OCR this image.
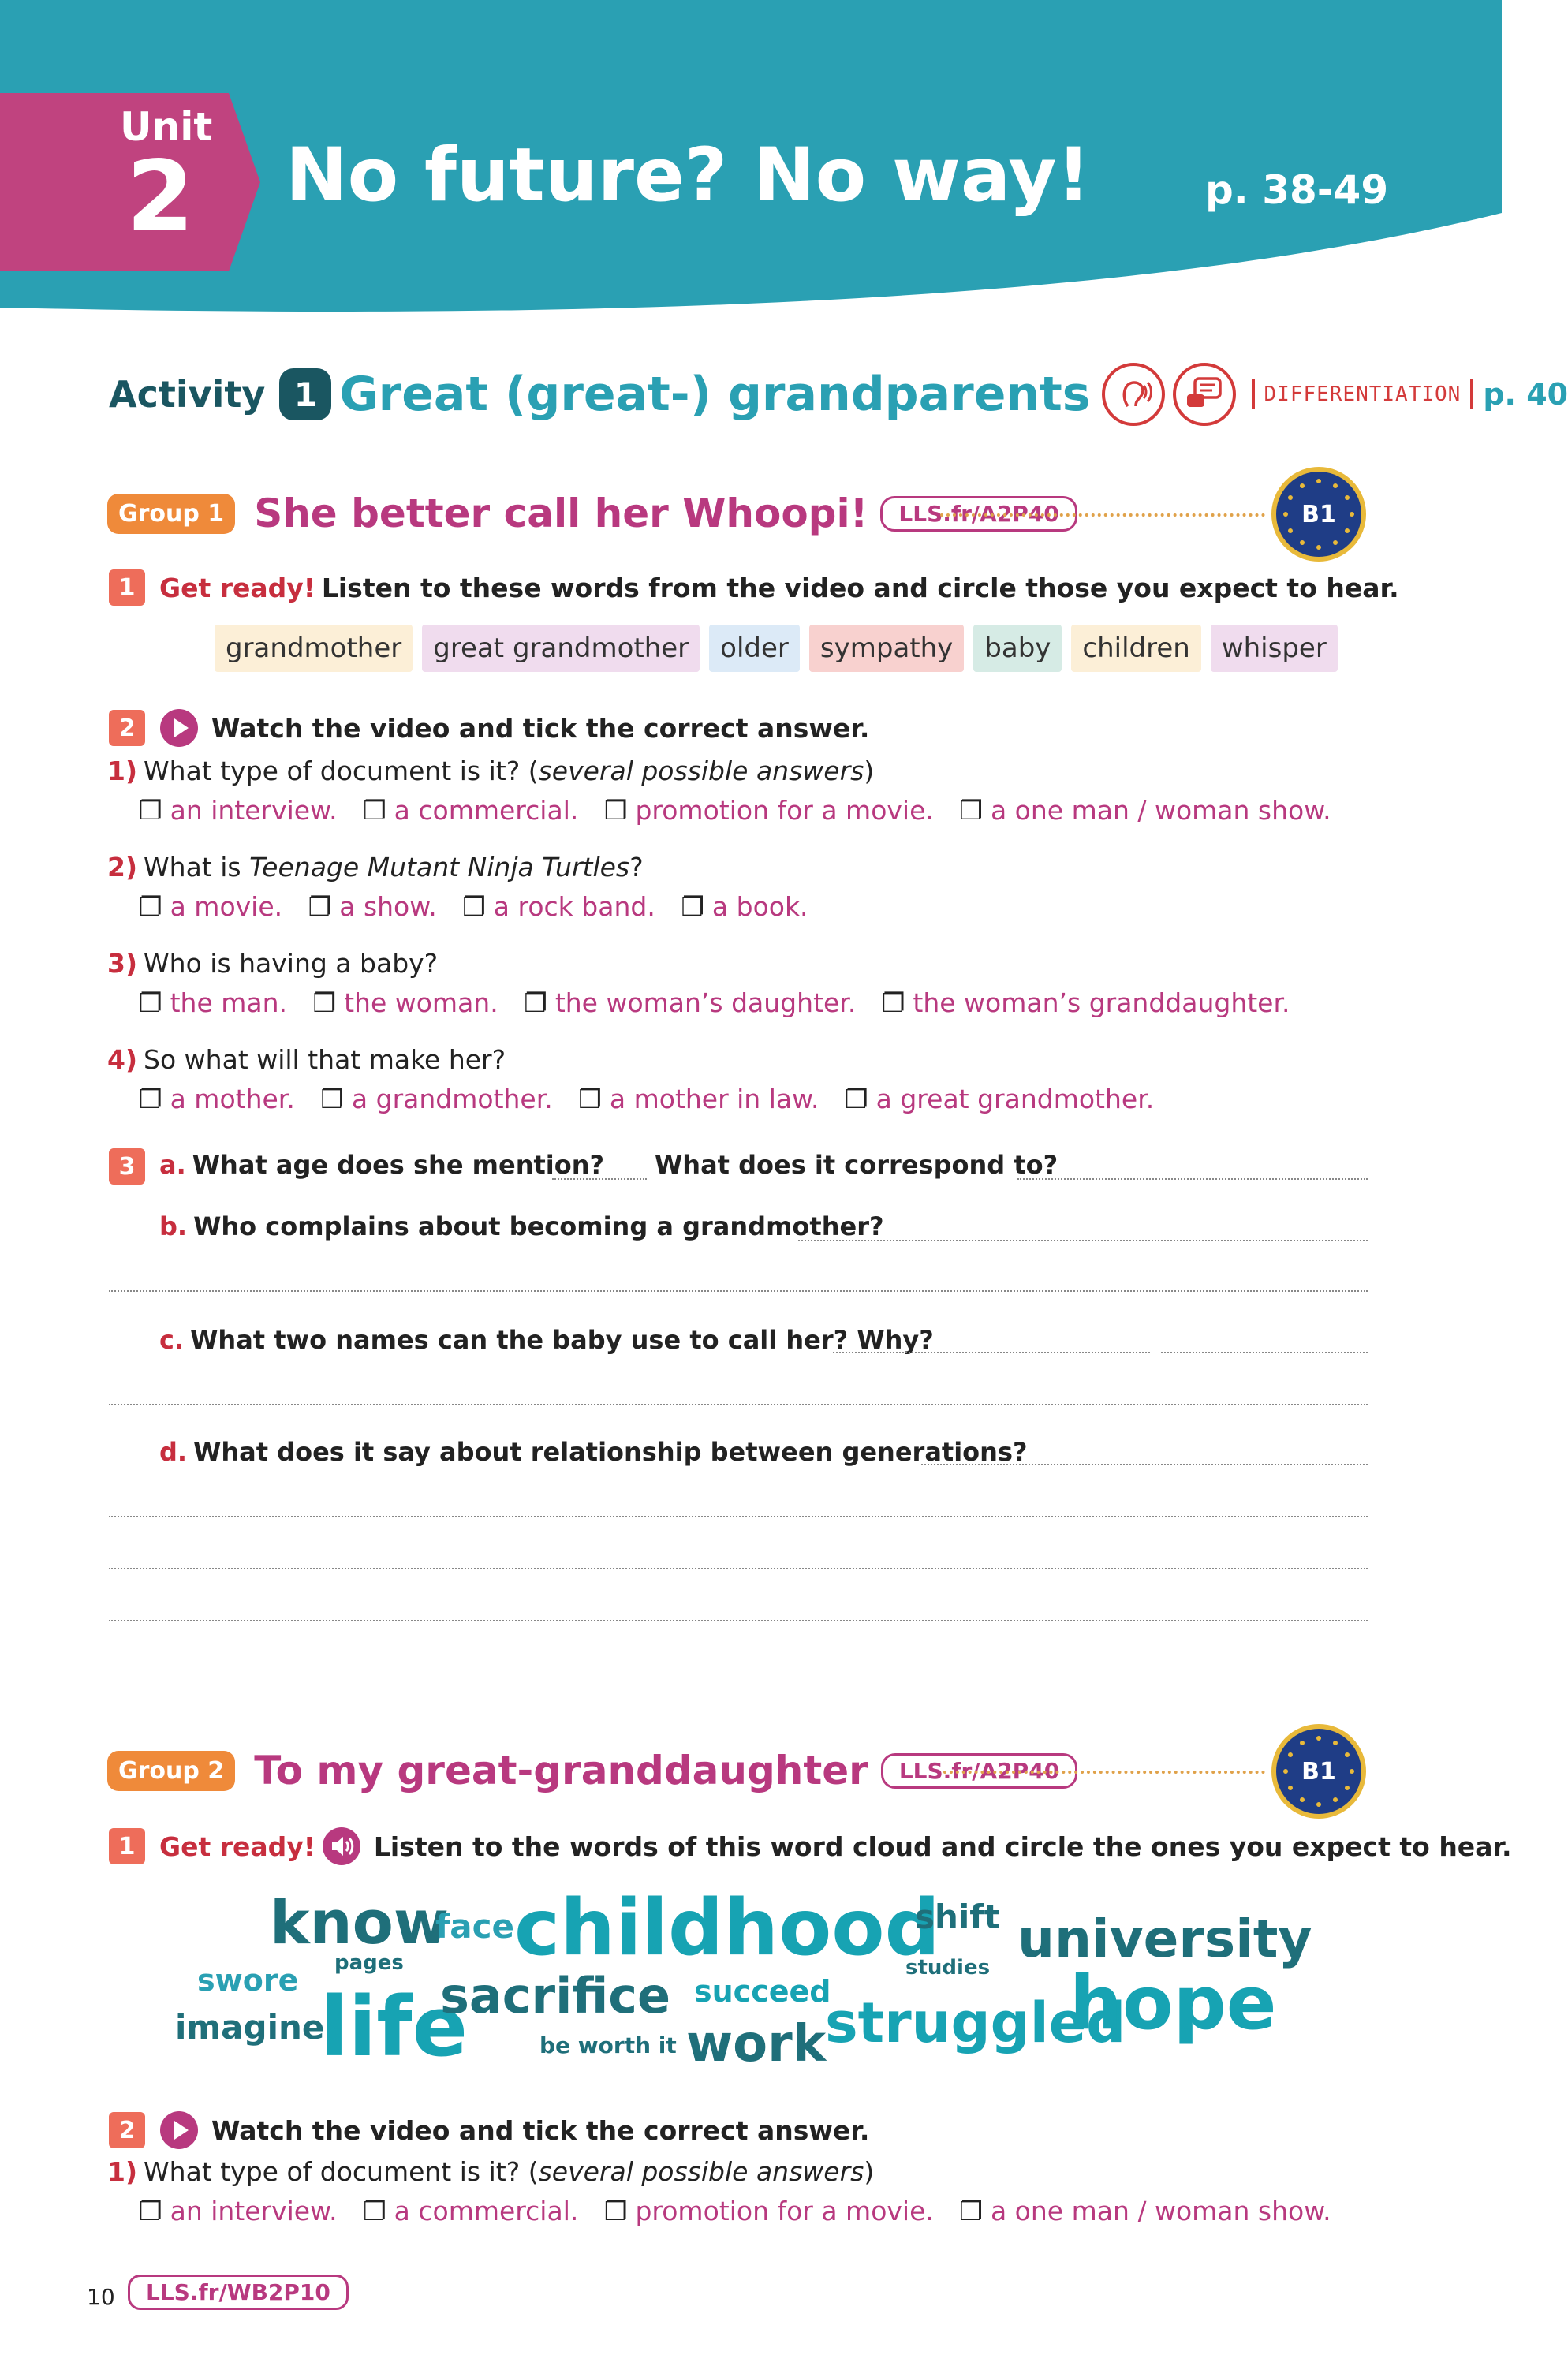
Unit
2 No future? No way!	p. 38-49
Activity 1 Great (great-) grandparents	DIFFERENTIATION p. 40
Group 1 She better call her Whoopi!	LLS.fr/A2P40	B1
1 Get ready! Listen to these words from the video and circle those you expect to hear.
grandmother	great grandmother	older	sympathy	baby	children	whisper
2	Watch the video and tick the correct answer.
1) What type of document is it? (several possible answers)
❐ an interview. ❐ a commercial. ❐ promotion for a movie. ❐ a one man / woman show.
2) What is Teenage Mutant Ninja Turtles?
❐ a movie. ❐ a show. ❐ a rock band. ❐ a book.
3) Who is having a baby?
❐ the man. ❐ the woman. ❐ the woman’s daughter. ❐ the woman’s granddaughter.
4) So what will that make her?
❐ a mother. ❐ a grandmother. ❐ a mother in law. ❐ a great grandmother.
3 a. What age does she mention? What does it correspond to?
b. Who complains about becoming a grandmother?
c. What two names can the baby use to call her? Why?
d. What does it say about relationship between generations?
Group 2 To my great-granddaughter	LLS.fr/A2P40	B1
1 Get ready! Listen to the words of this word cloud and circle the ones you expect to hear.
know
face childhood
shift university
swore pages	studies
imagine
life
sacrifice succeed
be worth it work
struggled
hope
2	Watch the video and tick the correct answer.
1) What type of document is it? (several possible answers)
❐ an interview. ❐ a commercial. ❐ promotion for a movie. ❐ a one man / woman show.
10	LLS.fr/WB2P10
